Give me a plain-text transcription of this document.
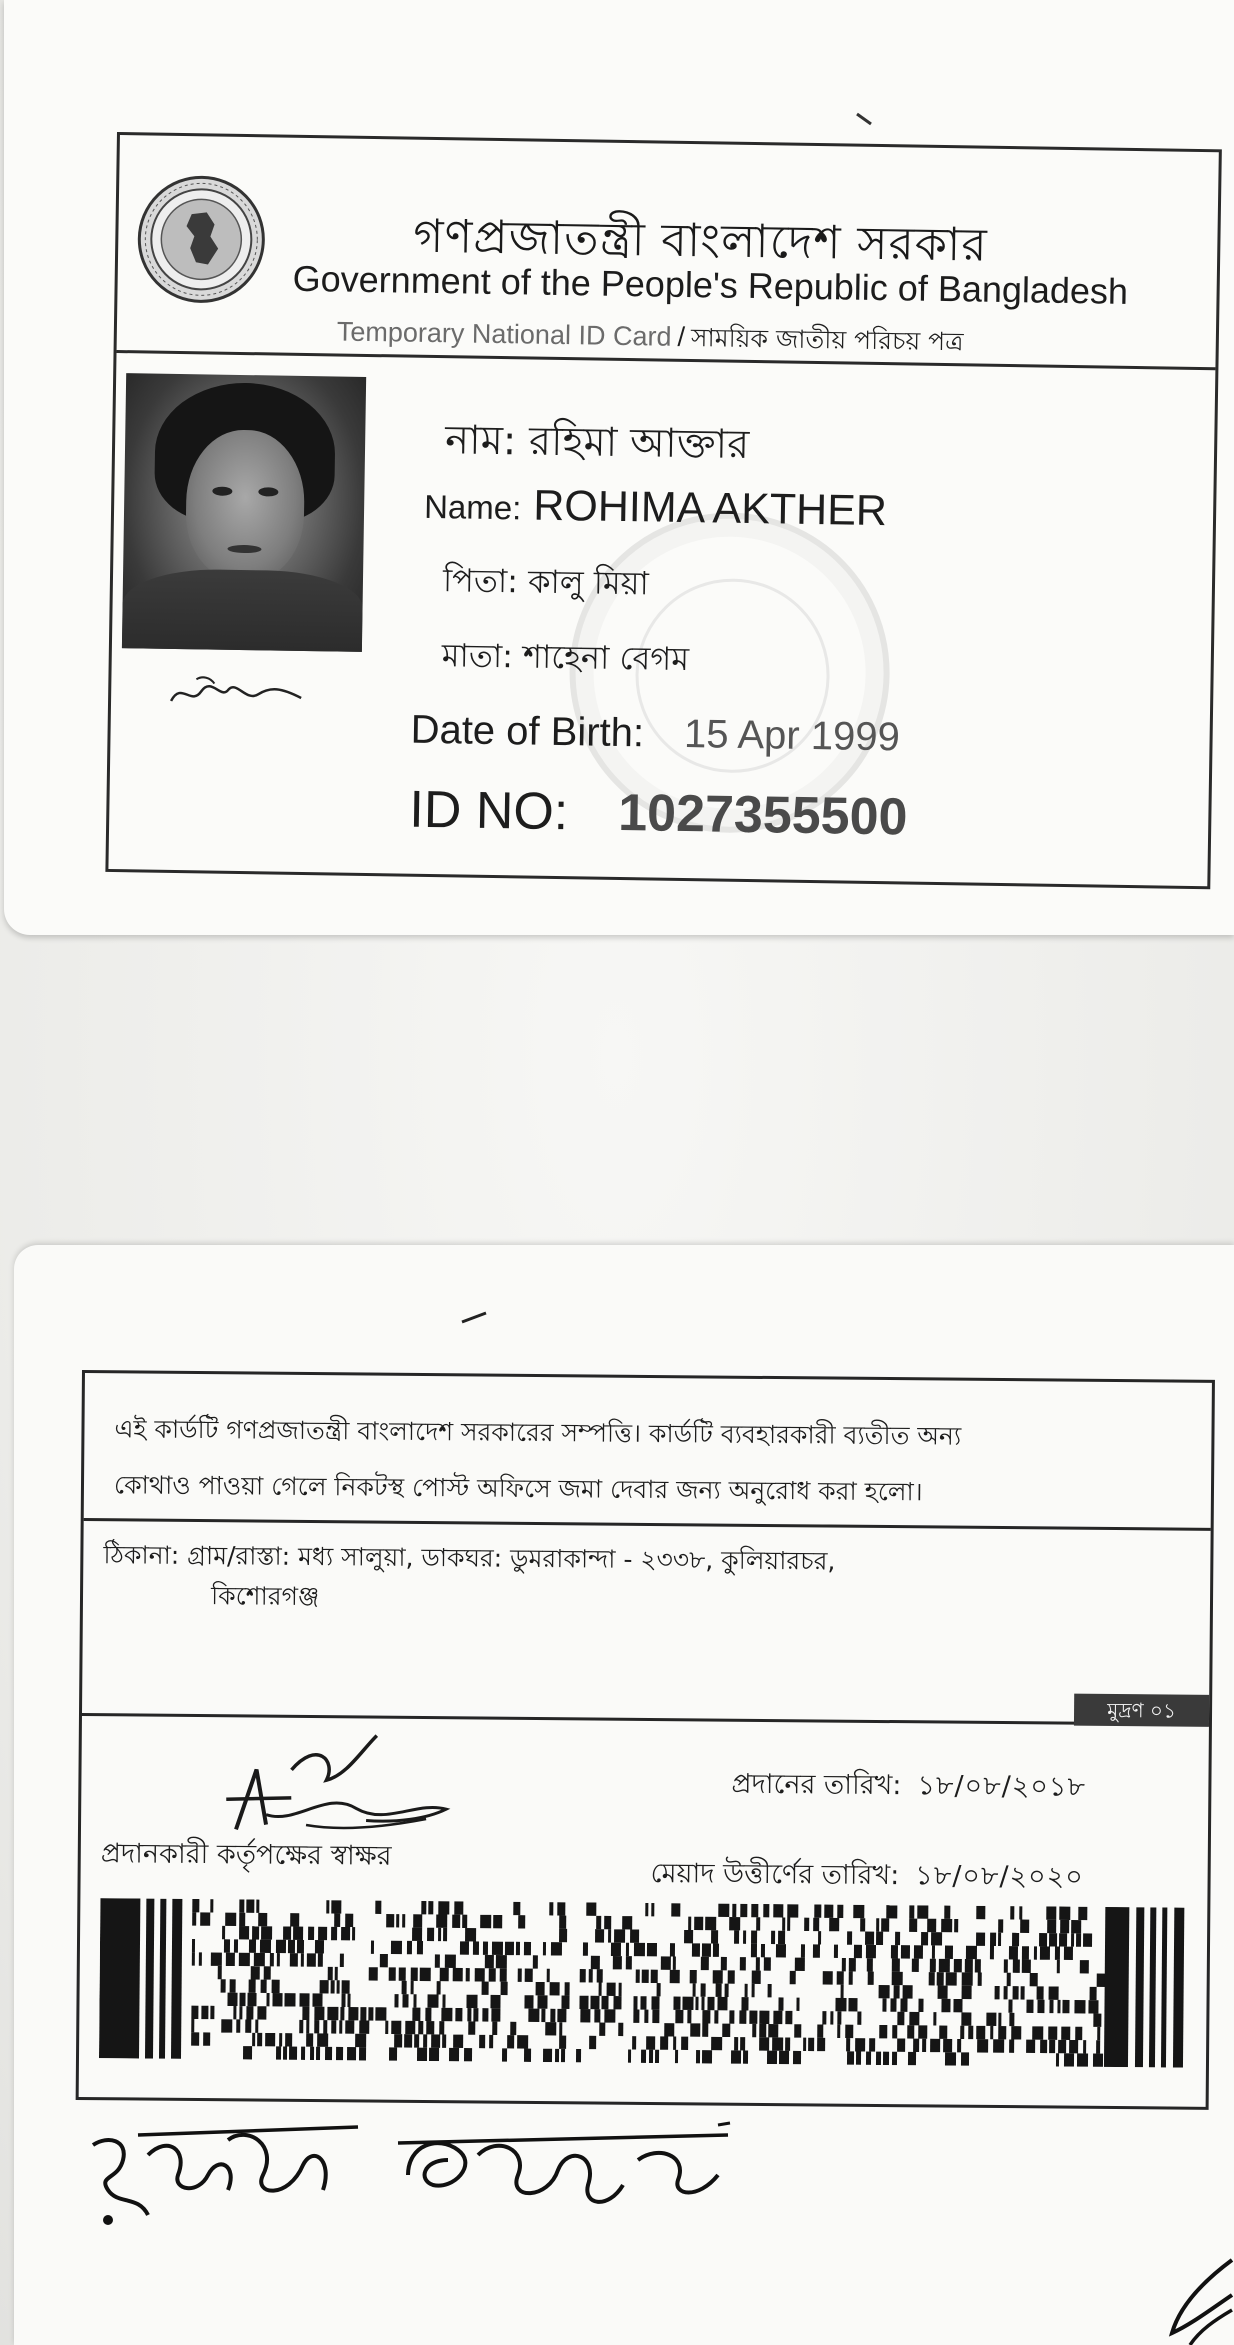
গণপ্রজাতন্ত্রী বাংলাদেশ সরকার
Government of the People's Republic of Bangladesh
Temporary National ID Card / সাময়িক জাতীয় পরিচয় পত্র
নাম: রহিমা আক্তার
Name: ROHIMA AKTHER
পিতা: কালু মিয়া
মাতা: শাহেনা বেগম
Date of Birth: 15 Apr 1999
ID NO: 1027355500
এই কার্ডটি গণপ্রজাতন্ত্রী বাংলাদেশ সরকারের সম্পত্তি। কার্ডটি ব্যবহারকারী ব্যতীত অন্য
কোথাও পাওয়া গেলে নিকটস্থ পোস্ট অফিসে জমা দেবার জন্য অনুরোধ করা হলো।
ঠিকানা: গ্রাম/রাস্তা: মধ্য সালুয়া, ডাকঘর: ডুমরাকান্দা - ২৩৩৮, কুলিয়ারচর,
কিশোরগঞ্জ
মুদ্রণ ০১
প্রদানের তারিখ: ১৮/০৮/২০১৮
প্রদানকারী কর্তৃপক্ষের স্বাক্ষর
মেয়াদ উত্তীর্ণের তারিখ: ১৮/০৮/২০২০
